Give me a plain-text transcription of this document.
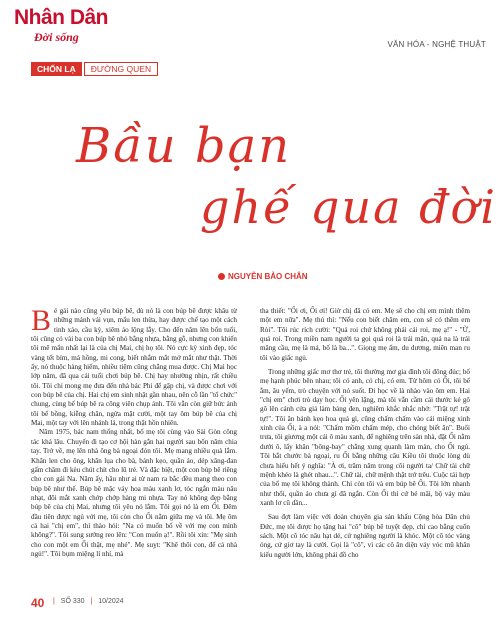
Nhân Dân
Đời sống
VĂN HÓA - NGHỆ THUẬT
CHỐN LẠ	ĐƯỜNG QUEN
Bầu bạn
ghế qua đời
NGUYỄN BẢO CHÂN

Bé gái nào cũng yêu búp bê, dù nó là con búp bê được khâu từ những mảnh vải vụn, mẩu len thừa, hay được chế tạo một cách tinh xảo, cầu kỳ, xiêm áo lộng lẫy. Cho đến năm lên bốn tuổi, tôi cũng có vài ba con búp bê nhỏ bằng nhựa, bằng gỗ, nhưng con khiến tôi mê mẩn nhất lại là của chị Mai, chị họ tôi. Nó cực kỳ xinh đẹp, tóc vàng tết bím, má hồng, mi cong, biết nhắm mắt mở mắt như thật. Thời ấy, nó thuộc hàng hiếm, nhiều tiệm cũng chẳng mua được. Chị Mai học lớp năm, đã qua cái tuổi chơi búp bê. Chị hay nhường nhịn, rất chiều tôi. Tôi chỉ mong mẹ đưa đến nhà bác Phi để gặp chị, và được chơi với con búp bê của chị. Hai chị em sinh nhật gần nhau, nên cỗ lần "tổ chức" chung, cùng bế búp bê ra công viên chụp ảnh. Tôi vẫn còn giữ bức ảnh tôi bế bồng, kiễng chân, ngửa mặt cười, một tay ôm búp bê của chị Mai, một tay với lên nhánh lá, trong thật hồn nhiên.

Năm 1975, bác nam thống nhất, bố mẹ tôi cùng vào Sài Gòn công tác khá lâu. Chuyến đi tạo cơ hội hàn gắn hai người sau bốn năm chia tay. Trở về, mẹ lên nhà ông bà ngoại đón tôi. Mẹ mang nhiều quà lắm. Khăn len cho ông, khăn lụa cho bà, bánh kẹo, quần áo, dép xăng-đan gấm chăm đi kèu chút chít cho lũ trẻ. Và đặc biệt, một con búp bê riêng cho con gái Na. Năm ấy, hầu như ai từ nam ra bắc đều mang theo con búp bê như thế. Búp bê mặc váy hoa màu xanh lơ, tóc ngắn màu nâu nhạt, đôi mắt xanh chớp chớp hàng mi nhựa. Tay nó không đẹp bằng búp bê của chị Mai, nhưng tôi yêu nó lắm. Tôi gọi nó là em Ổi. Đêm đầu tiên được ngủ với mẹ, tôi còn cho Ổi nằm giữa mẹ và tôi. Mẹ ôm cả hai "chị em", thì thào hỏi: "Na có muốn bố về với mẹ con mình không?". Tôi sung sướng reo lên: "Con muốn ạ!". Rồi tôi xin: "Mẹ sinh cho con một em Ổi thật, mẹ nhé". Mẹ suỵt: "Khẽ thôi con, để cả nhà ngủ!". Tôi bụm miệng lí nhí, mà

tha thiết: "Ổi ơi, Ổi ơi! Giờ chị đã có em. Mẹ sẽ cho chị em mình thêm một em nữa". Mẹ thủ thỉ: "Nếu con biết chăm em, con sẽ có thêm em Ròi". Tôi rúc rích cười: "Quả roi chứ không phải cái roi, mẹ ạ!" - "Ừ, quả roi. Trong miền nam người ta gọi quả roi là trái mận, quả na là trái mãng cầu, mẹ là má, bố là ba...". Giọng mẹ ấm, du dương, miên man ru tôi vào giấc ngủ.

Trong những giấc mơ thơ trẻ, tôi thường mơ gia đình tôi đông đúc; bố mẹ hạnh phúc bên nhau; tôi có anh, có chị, có em. Từ hôm có Ổi, tôi bế ẵm, âu yếm, trò chuyện với nó suốt. Đi học về là nhào vào ôm em. Hai "chị em" chơi trò dạy học. Ổi yên lặng, mà tôi vẫn cầm cái thước kẻ gõ gõ lên cánh cửa giả làm bảng đen, nghiêm khắc nhắc nhở: "Trật tự! trật tự!". Tôi ăn bánh kẹo hoa quả gì, cũng chấm chấm vào cái miệng xinh xinh của Ổi, à a nói: "Chấm mồm chấm mép, cho chóng biết ăn". Buổi trưa, tôi giương một cái ô màu xanh, để nghiêng trên sàn nhà, đặt Ổi nằm dưới ô, lấy khăn "bông-bay" chẳng xung quanh làm màn, cho Ổi ngủ. Tôi bắt chước bà ngoại, ru Ổi bằng những câu Kiều tôi thuộc lòng dù chưa hiểu hết ý nghĩa: "À ơi, trăm năm trong cõi người ta/ Chữ tài chữ mệnh khéo là ghét nhau...". Chữ tài, chữ mệnh thật trớ trêu. Cuộc tái hợp của bố mẹ tôi không thành. Chỉ còn tôi và em búp bê Ổi. Tôi lớn nhanh như thổi, quần áo chưa gì đã ngắn. Còn Ổi thì cứ bé mãi, bộ váy màu xanh lơ cũ dần...

Sau đợt làm việc với đoàn chuyên gia sản khấu Cộng hòa Dân chủ Đức, mẹ tôi được họ tặng hai "cô" búp bê tuyệt đẹp, chỉ cao bằng cuốn sách. Một cô tóc nâu hạt dẻ, cử nghiêng người là khóc. Một cô tóc vàng óng, cứ giơ tay là cười. Gọi là "cô", vì các cô ăn diện váy vóc mũ khăn kiểu người lớn, không phải đồ cho

40 | SỐ 330 | 10/2024
